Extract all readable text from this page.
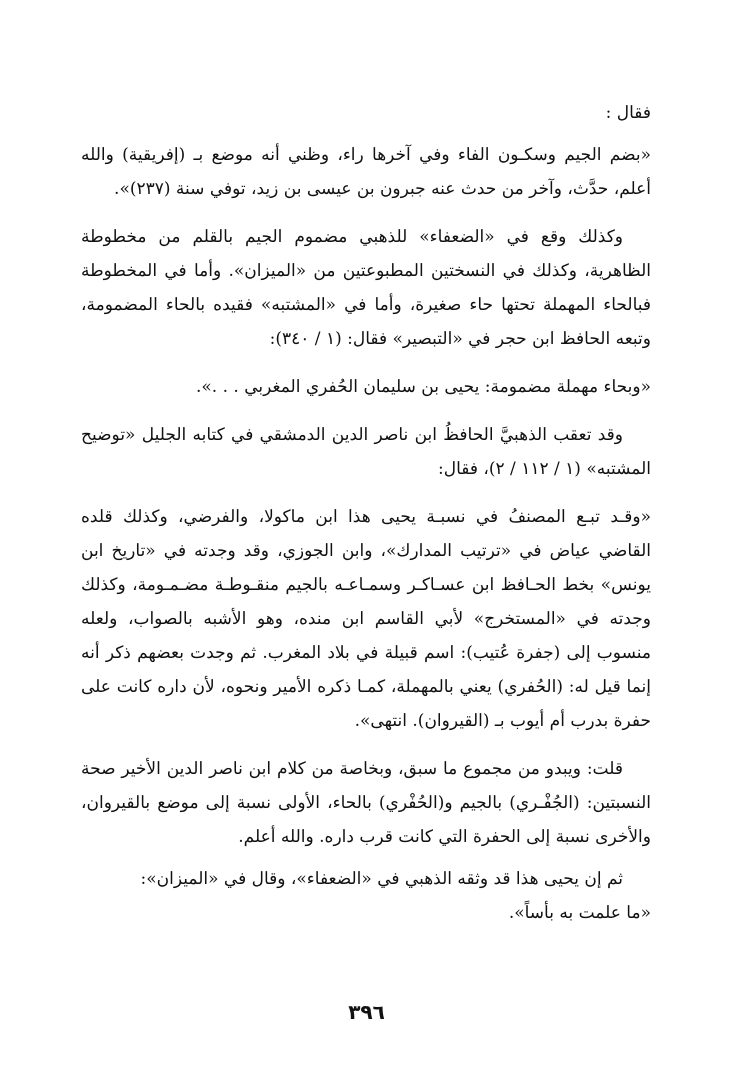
فقال :

«بضم الجيم وسكـون الفاء وفي آخرها راء، وظني أنه موضع بـ (إفريقية) والله أعلم، حدَّث، وآخر من حدث عنه جبرون بن عيسى بن زيد، توفي سنة (٢٣٧)».

وكذلك وقع في «الضعفاء» للذهبي مضموم الجيم بالقلم من مخطوطة الظاهرية، وكذلك في النسختين المطبوعتين من «الميزان». وأما في المخطوطة فبالحاء المهملة تحتها حاء صغيرة، وأما في «المشتبه» فقيده بالحاء المضمومة، وتبعه الحافظ ابن حجر في «التبصير» فقال: (١ / ٣٤٠):

«وبحاء مهملة مضمومة: يحيى بن سليمان الحُفري المغربي . . .».

وقد تعقب الذهبيَّ الحافظُ ابن ناصر الدين الدمشقي في كتابه الجليل «توضيح المشتبه» (١ / ١١٢ / ٢)، فقال:

«وقـد تبـع المصنفُ في نسبـة يحيى هذا ابن ماكولا، والفرضي، وكذلك قلده القاضي عياض في «ترتيب المدارك»، وابن الجوزي، وقد وجدته في «تاريخ ابن يونس» بخط الحـافظ ابن عسـاكـر وسمـاعـه بالجيم منقـوطـة مضـمـومة، وكذلك وجدته في «المستخرج» لأبي القاسم ابن منده، وهو الأشبه بالصواب، ولعله منسوب إلى (جفرة عُتيب): اسم قبيلة في بلاد المغرب. ثم وجدت بعضهم ذكر أنه إنما قيل له: (الحُفري) يعني بالمهملة، كمـا ذكره الأمير ونحوه، لأن داره كانت على حفرة بدرب أم أيوب بـ (القيروان). انتهى».

قلت: ويبدو من مجموع ما سبق، وبخاصة من كلام ابن ناصر الدين الأخير صحة النسبتين: (الجُفْـري) بالجيم و(الحُفْري) بالحاء، الأولى نسبة إلى موضع بالقيروان، والأخرى نسبة إلى الحفرة التي كانت قرب داره. والله أعلم.

ثم إن يحيى هذا قد وثقه الذهبي في «الضعفاء»، وقال في «الميزان»:

«ما علمت به بأساً».

٣٩٦
